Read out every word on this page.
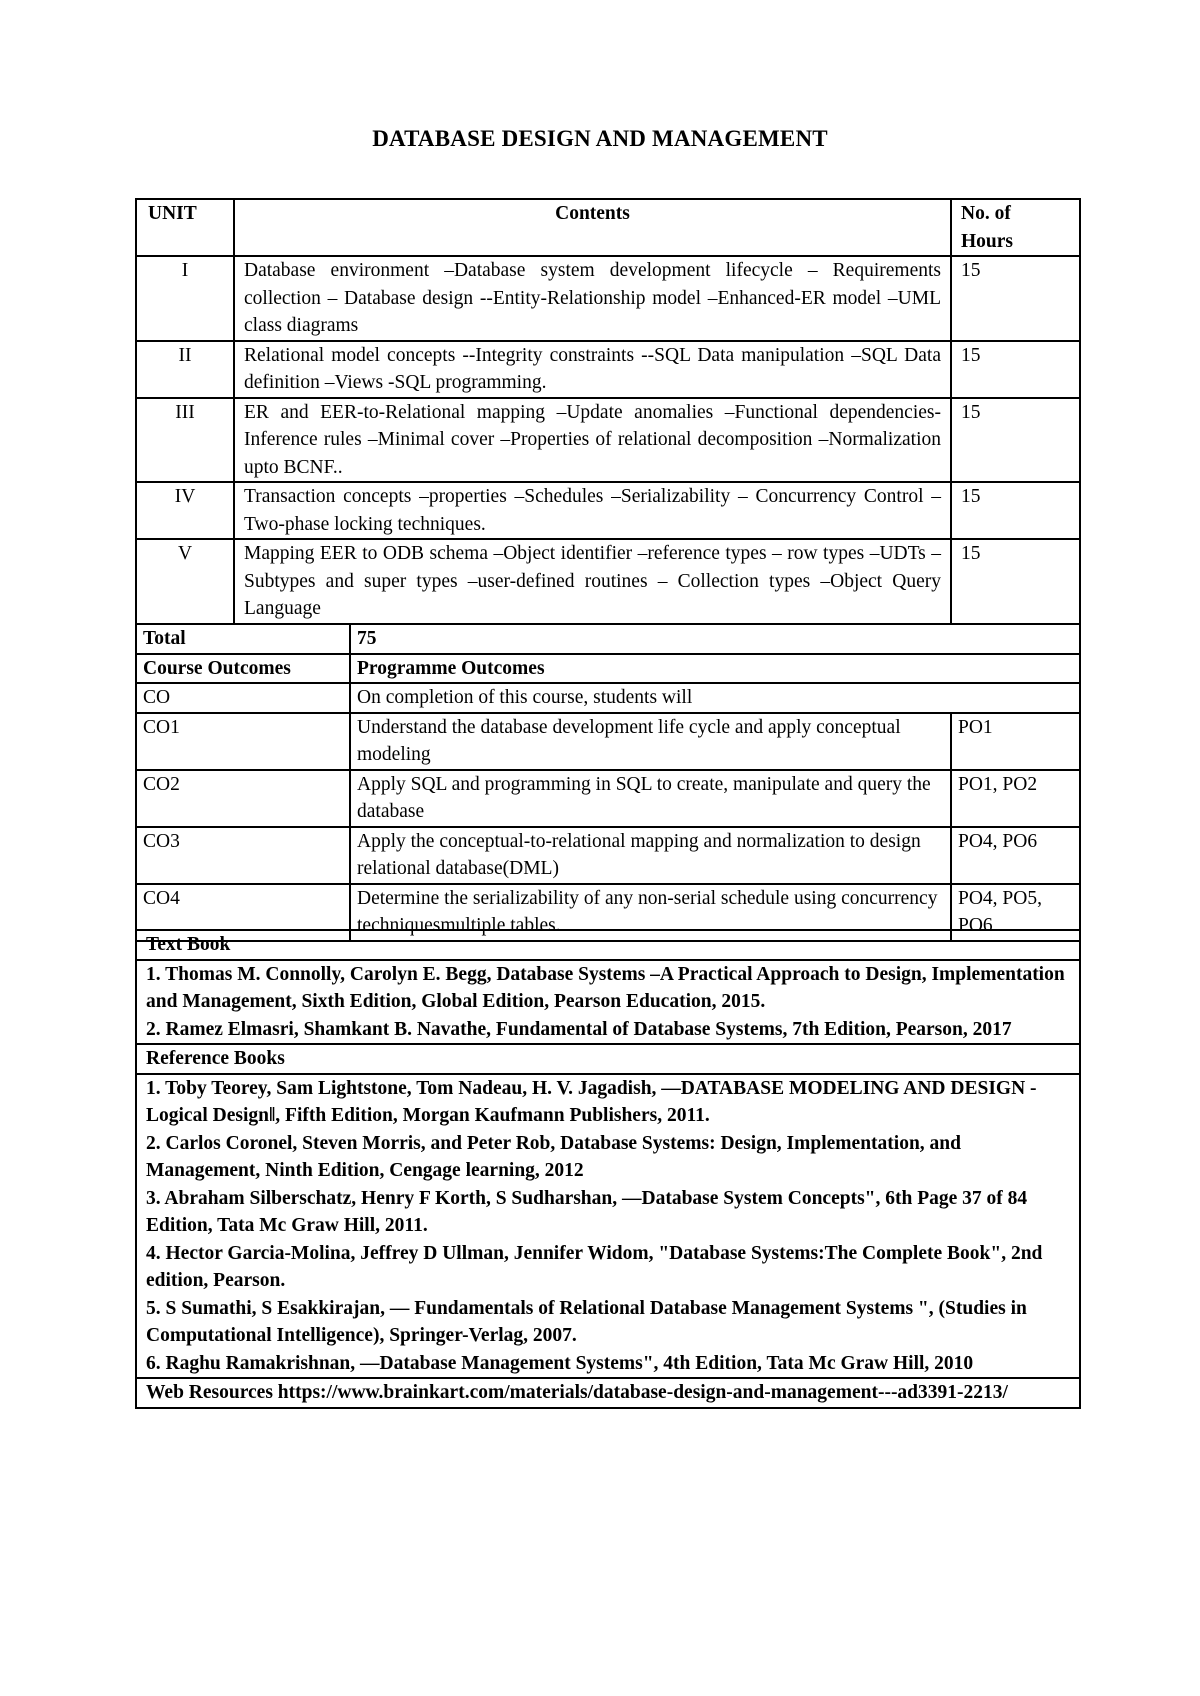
DATABASE DESIGN AND MANAGEMENT
UNIT	Contents	No. of
Hours

I	Database environment –Database system development lifecycle – Requirements collection – Database design --Entity-Relationship model –Enhanced-ER model –UML class diagrams	15
II	Relational model concepts --Integrity constraints --SQL Data manipulation –SQL Data definition –Views -SQL programming.	15
III	ER and EER-to-Relational mapping –Update anomalies –Functional dependencies-Inference rules –Minimal cover –Properties of relational decomposition –Normalization upto BCNF..	15
IV	Transaction concepts –properties –Schedules –Serializability – Concurrency Control –Two-phase locking techniques.	15
V	Mapping EER to ODB schema –Object identifier –reference types – row types –UDTs –Subtypes and super types –user-defined routines – Collection types –Object Query Language	15
Total	75	
Course Outcomes	Programme Outcomes	
CO	On completion of this course, students will	
CO1	Understand the database development life cycle and apply conceptual modeling	PO1
CO2	Apply SQL and programming in SQL to create, manipulate and query the database	PO1, PO2
CO3	Apply the conceptual-to-relational mapping and normalization to design relational database(DML)	PO4, PO6
CO4	Determine the serializability of any non-serial schedule using concurrency techniquesmultiple tables.	PO4, PO5, PO6
Text Book

1. Thomas M. Connolly, Carolyn E. Begg, Database Systems –A Practical Approach to Design, Implementation and Management, Sixth Edition, Global Edition, Pearson Education, 2015.
2. Ramez Elmasri, Shamkant B. Navathe, Fundamental of Database Systems, 7th Edition, Pearson, 2017

Reference Books

1. Toby Teorey, Sam Lightstone, Tom Nadeau, H. V. Jagadish, ―DATABASE MODELING AND DESIGN -Logical Design‖, Fifth Edition, Morgan Kaufmann Publishers, 2011.
2. Carlos Coronel, Steven Morris, and Peter Rob, Database Systems: Design, Implementation, and Management, Ninth Edition, Cengage learning, 2012
3. Abraham Silberschatz, Henry F Korth, S Sudharshan, ―Database System Concepts", 6th Page 37 of 84 Edition, Tata Mc Graw Hill, 2011.
4. Hector Garcia-Molina, Jeffrey D Ullman, Jennifer Widom, "Database Systems:The Complete Book", 2nd edition, Pearson.
5. S Sumathi, S Esakkirajan, ― Fundamentals of Relational Database Management Systems ", (Studies in Computational Intelligence), Springer-Verlag, 2007.
6. Raghu Ramakrishnan, ―Database Management Systems", 4th Edition, Tata Mc Graw Hill, 2010

Web Resources https://www.brainkart.com/materials/database-design-and-management---ad3391-2213/
